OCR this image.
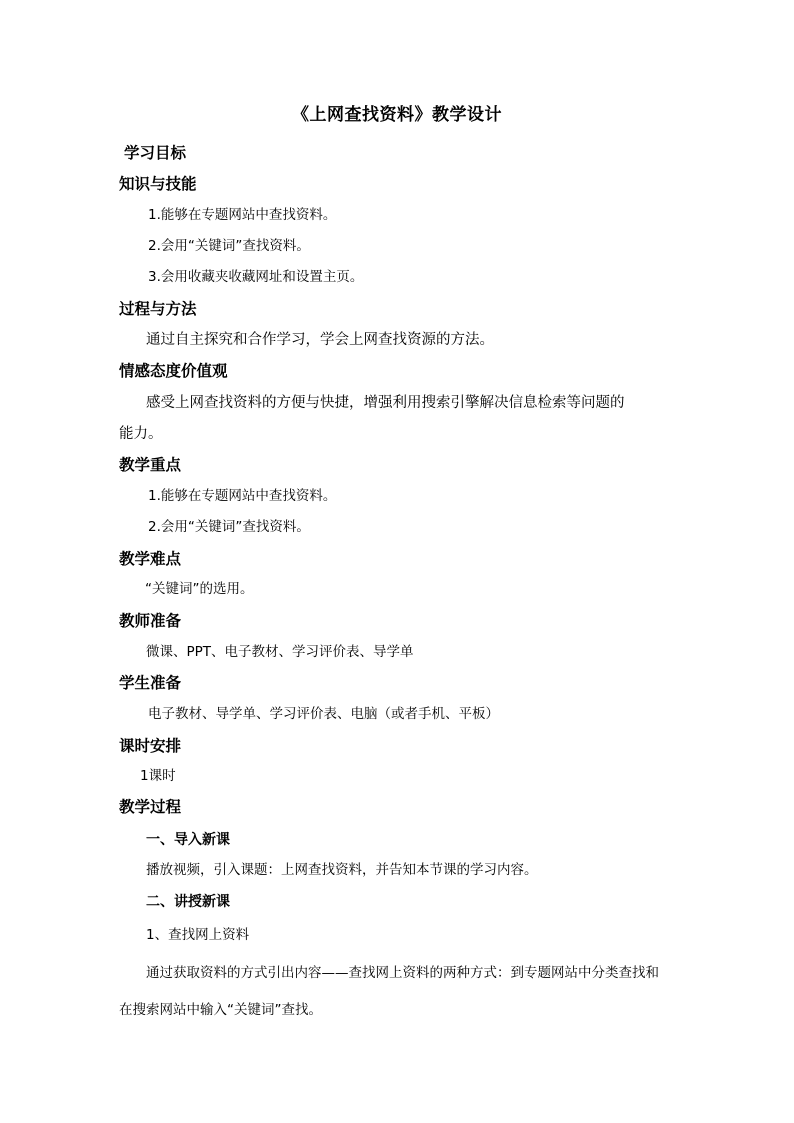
《上网查找资料》教学设计
学习目标
知识与技能
1.能够在专题网站中查找资料。
2.会用“关键词”查找资料。
3.会用收藏夹收藏网址和设置主页。
过程与方法
通过自主探究和合作学习，学会上网查找资源的方法。
情感态度价值观
感受上网查找资料的方便与快捷，增强利用搜索引擎解决信息检索等问题的
能力。
教学重点
1.能够在专题网站中查找资料。
2.会用“关键词”查找资料。
教学难点
“关键词”的选用。
教师准备
微课、PPT、电子教材、学习评价表、导学单
学生准备
电子教材、导学单、学习评价表、电脑（或者手机、平板）
课时安排
1课时
教学过程
一、导入新课
播放视频，引入课题：上网查找资料，并告知本节课的学习内容。
二、讲授新课
1、查找网上资料
通过获取资料的方式引出内容——查找网上资料的两种方式：到专题网站中分类查找和
在搜索网站中输入“关键词”查找。
